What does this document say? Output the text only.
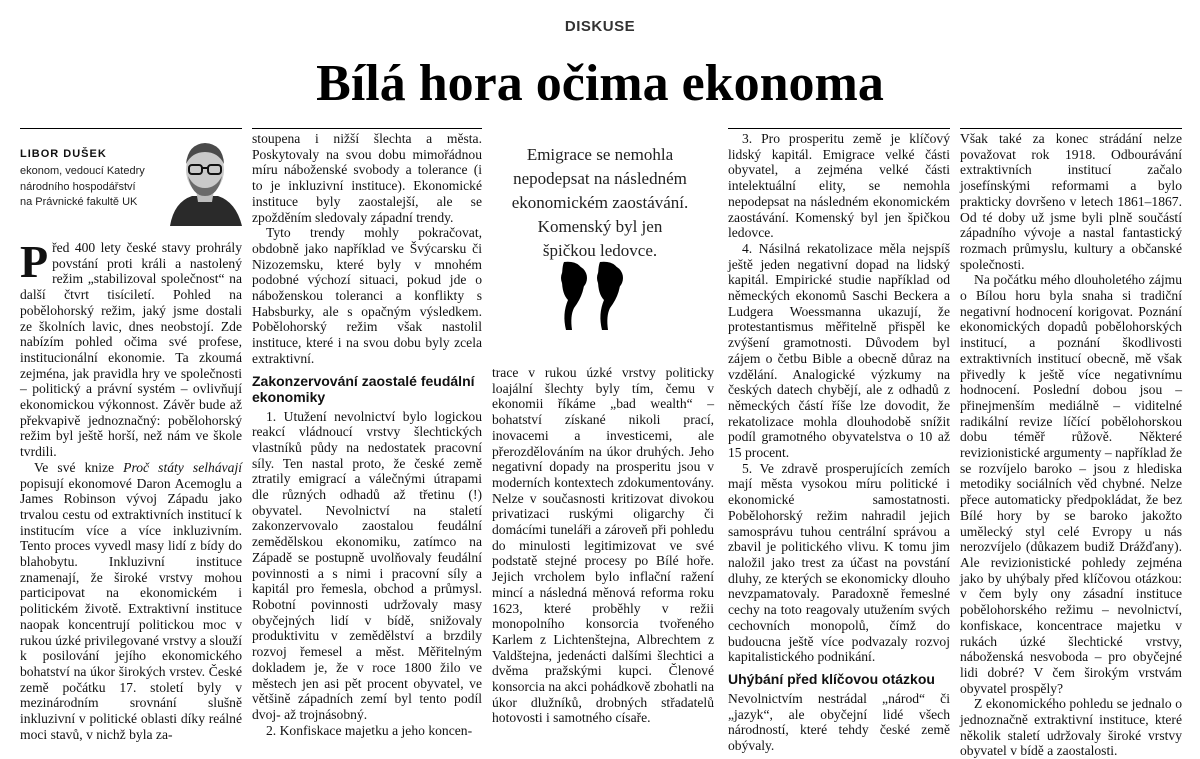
DISKUSE
Bílá hora očima ekonoma
LIBOR DUŠEK
ekonom, vedoucí Katedry
národního hospodářství
na Právnické fakultě UK

Před 400 lety české stavy prohrály povstání proti králi a nastolený režim „stabilizoval společnost“ na další čtvrt tisíciletí. Pohled na pobělohorský režim, jaký jsme dostali ze školních lavic, dnes neobstojí. Zde nabízím pohled očima své profese, institucionální ekonomie. Ta zkoumá zejména, jak pravidla hry ve společnosti – politický a právní systém – ovlivňují ekonomickou výkonnost. Závěr bude až překvapivě jednoznačný: pobělohorský režim byl ještě horší, než nám ve škole tvrdili.

Ve své knize Proč státy selhávají popisují ekonomové Daron Acemoglu a James Robinson vývoj Západu jako trvalou cestu od extraktivních institucí k institucím více a více inkluzivním. Tento proces vyvedl masy lidí z bídy do blahobytu. Inkluzivní instituce znamenají, že široké vrstvy mohou participovat na ekonomickém i politickém životě. Extraktivní instituce naopak koncentrují politickou moc v rukou úzké privilegované vrstvy a slouží k posilování jejího ekonomického bohatství na úkor širokých vrstev. České země počátku 17. století byly v mezinárodním srovnání slušně inkluzivní v politické oblasti díky reálné moci stavů, v nichž byla za-

stoupena i nižší šlechta a města. Poskytovaly na svou dobu mimořádnou míru náboženské svobody a tolerance (i to je inkluzivní instituce). Ekonomické instituce byly zaostalejší, ale se zpožděním sledovaly západní trendy.

Tyto trendy mohly pokračovat, obdobně jako například ve Švýcarsku či Nizozemsku, které byly v mnohém podobné výchozí situaci, pokud jde o náboženskou toleranci a konflikty s Habsburky, ale s opačným výsledkem. Pobělohorský režim však nastolil instituce, které i na svou dobu byly zcela extraktivní.

Zakonzervování zaostalé feudální ekonomiky

1. Utužení nevolnictví bylo logickou reakcí vládnoucí vrstvy šlechtických vlastníků půdy na nedostatek pracovní síly. Ten nastal proto, že české země ztratily emigrací a válečnými útrapami dle různých odhadů až třetinu (!) obyvatel. Nevolnictví na staletí zakonzervovalo zaostalou feudální zemědělskou ekonomiku, zatímco na Západě se postupně uvolňovaly feudální povinnosti a s nimi i pracovní síly a kapitál pro řemesla, obchod a průmysl. Robotní povinnosti udržovaly masy obyčejných lidí v bídě, snižovaly produktivitu v zemědělství a brzdily rozvoj řemesel a měst. Měřitelným dokladem je, že v roce 1800 žilo ve městech jen asi pět procent obyvatel, ve většině západních zemí byl tento podíl dvoj- až trojnásobný.

2. Konfiskace majetku a jeho koncen-

Emigrace se nemohla
nepodepsat na následném
ekonomickém zaostávání.
Komenský byl jen
špičkou ledovce.

trace v rukou úzké vrstvy politicky loajální šlechty byly tím, čemu v ekonomii říkáme „bad wealth“ – bohatství získané nikoli prací, inovacemi a investicemi, ale přerozdělováním na úkor druhých. Jeho negativní dopady na prosperitu jsou v moderních kontextech zdokumentovány. Nelze v současnosti kritizovat divokou privatizaci ruskými oligarchy či domácími tuneláři a zároveň při pohledu do minulosti legitimizovat ve své podstatě stejné procesy po Bílé hoře. Jejich vrcholem bylo inflační ražení mincí a následná měnová reforma roku 1623, které proběhly v režii monopolního konsorcia tvořeného Karlem z Lichtenštejna, Albrechtem z Valdštejna, jedenácti dalšími šlechtici a dvěma pražskými kupci. Členové konsorcia na akci pohádkově zbohatli na úkor dlužníků, drobných střadatelů hotovosti i samotného císaře.

3. Pro prosperitu země je klíčový lidský kapitál. Emigrace velké části obyvatel, a zejména velké části intelektuální elity, se nemohla nepodepsat na následném ekonomickém zaostávání. Komenský byl jen špičkou ledovce.

4. Násilná rekatolizace měla nejspíš ještě jeden negativní dopad na lidský kapitál. Empirické studie například od německých ekonomů Saschi Beckera a Ludgera Woessmanna ukazují, že protestantismus měřitelně přispěl ke zvýšení gramotnosti. Důvodem byl zájem o četbu Bible a obecně důraz na vzdělání. Analogické výzkumy na českých datech chybějí, ale z odhadů z německých částí říše lze dovodit, že rekatolizace mohla dlouhodobě snížit podíl gramotného obyvatelstva o 10 až 15 procent.

5. Ve zdravě prosperujících zemích mají města vysokou míru politické i ekonomické samostatnosti. Pobělohorský režim nahradil jejich samosprávu tuhou centrální správou a zbavil je politického vlivu. K tomu jim naložil jako trest za účast na povstání dluhy, ze kterých se ekonomicky dlouho nevzpamatovaly. Paradoxně řemeslné cechy na toto reagovaly utužením svých cechovních monopolů, čímž do budoucna ještě více podvazaly rozvoj kapitalistického podnikání.

Uhýbání před klíčovou otázkou

Nevolnictvím nestrádal „národ“ či „jazyk“, ale obyčejní lidé všech národností, které tehdy české země obývaly.

Však také za konec strádání nelze považovat rok 1918. Odbourávání extraktivních institucí začalo josefínskými reformami a bylo prakticky dovršeno v letech 1861–1867. Od té doby už jsme byli plně součástí západního vývoje a nastal fantastický rozmach průmyslu, kultury a občanské společnosti.

Na počátku mého dlouholetého zájmu o Bílou horu byla snaha si tradiční negativní hodnocení korigovat. Poznání ekonomických dopadů pobělohorských institucí, a poznání škodlivosti extraktivních institucí obecně, mě však přivedly k ještě více negativnímu hodnocení. Poslední dobou jsou – přinejmenším mediálně – viditelné radikální revize líčící pobělohorskou dobu téměř růžově. Některé revizionistické argumenty – například že se rozvíjelo baroko – jsou z hlediska metodiky sociálních věd chybné. Nelze přece automaticky předpokládat, že bez Bílé hory by se baroko jakožto umělecký styl celé Evropy u nás nerozvíjelo (důkazem budiž Drážďany). Ale revizionistické pohledy zejména jako by uhýbaly před klíčovou otázkou: v čem byly ony zásadní instituce pobělohorského režimu – nevolnictví, konfiskace, koncentrace majetku v rukách úzké šlechtické vrstvy, náboženská nesvoboda – pro obyčejné lidi dobré? V čem širokým vrstvám obyvatel prospěly?

Z ekonomického pohledu se jednalo o jednoznačně extraktivní instituce, které několik staletí udržovaly široké vrstvy obyvatel v bídě a zaostalosti.
